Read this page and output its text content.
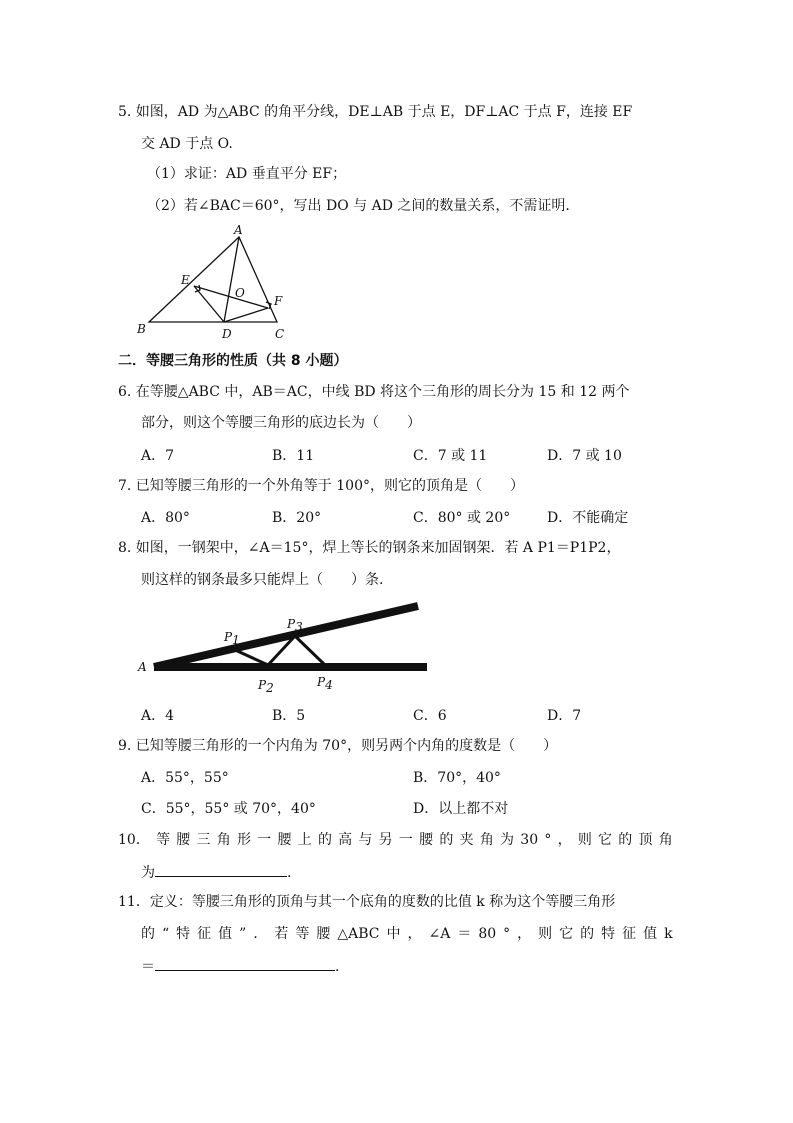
5. 如图，AD 为△ABC 的角平分线，DE⊥AB 于点 E，DF⊥AC 于点 F，连接 EF
交 AD 于点 O.
（1）求证：AD 垂直平分 EF；
（2）若∠BAC＝60°，写出 DO 与 AD 之间的数量关系，不需证明.
A
B	C
D
E
F
O
二．等腰三角形的性质（共 8 小题）
6. 在等腰△ABC 中，AB＝AC，中线 BD 将这个三角形的周长分为 15 和 12 两个
部分，则这个等腰三角形的底边长为（　　）
A．7	B．11	C．7 或 11	D．7 或 10
7. 已知等腰三角形的一个外角等于 100°，则它的顶角是（　　）
A．80°	B．20°	C．80° 或 20°	D．不能确定
8. 如图，一钢架中，∠A＝15°，焊上等长的钢条来加固钢架．若 A P1＝P1P2，
则这样的钢条最多只能焊上（　　）条.
A
P1
P2
P3
P4
A．4	B．5	C．6	D．7
9. 已知等腰三角形的一个内角为 70°，则另两个内角的度数是（　　）
A．55°，55°	B．70°，40°
C．55°，55° 或 70°，40°	D．以上都不对
10． 等 腰 三 角 形 一 腰 上 的 高 与 另 一 腰 的 夹 角 为 30 ° ， 则 它 的 顶 角
为	.
11．定义：等腰三角形的顶角与其一个底角的度数的比值 k 称为这个等腰三角形
的 “ 特 征 值 ” ． 若 等 腰 △ABC 中 ， ∠A ＝ 80 ° ， 则 它 的 特 征 值 k
＝	.
